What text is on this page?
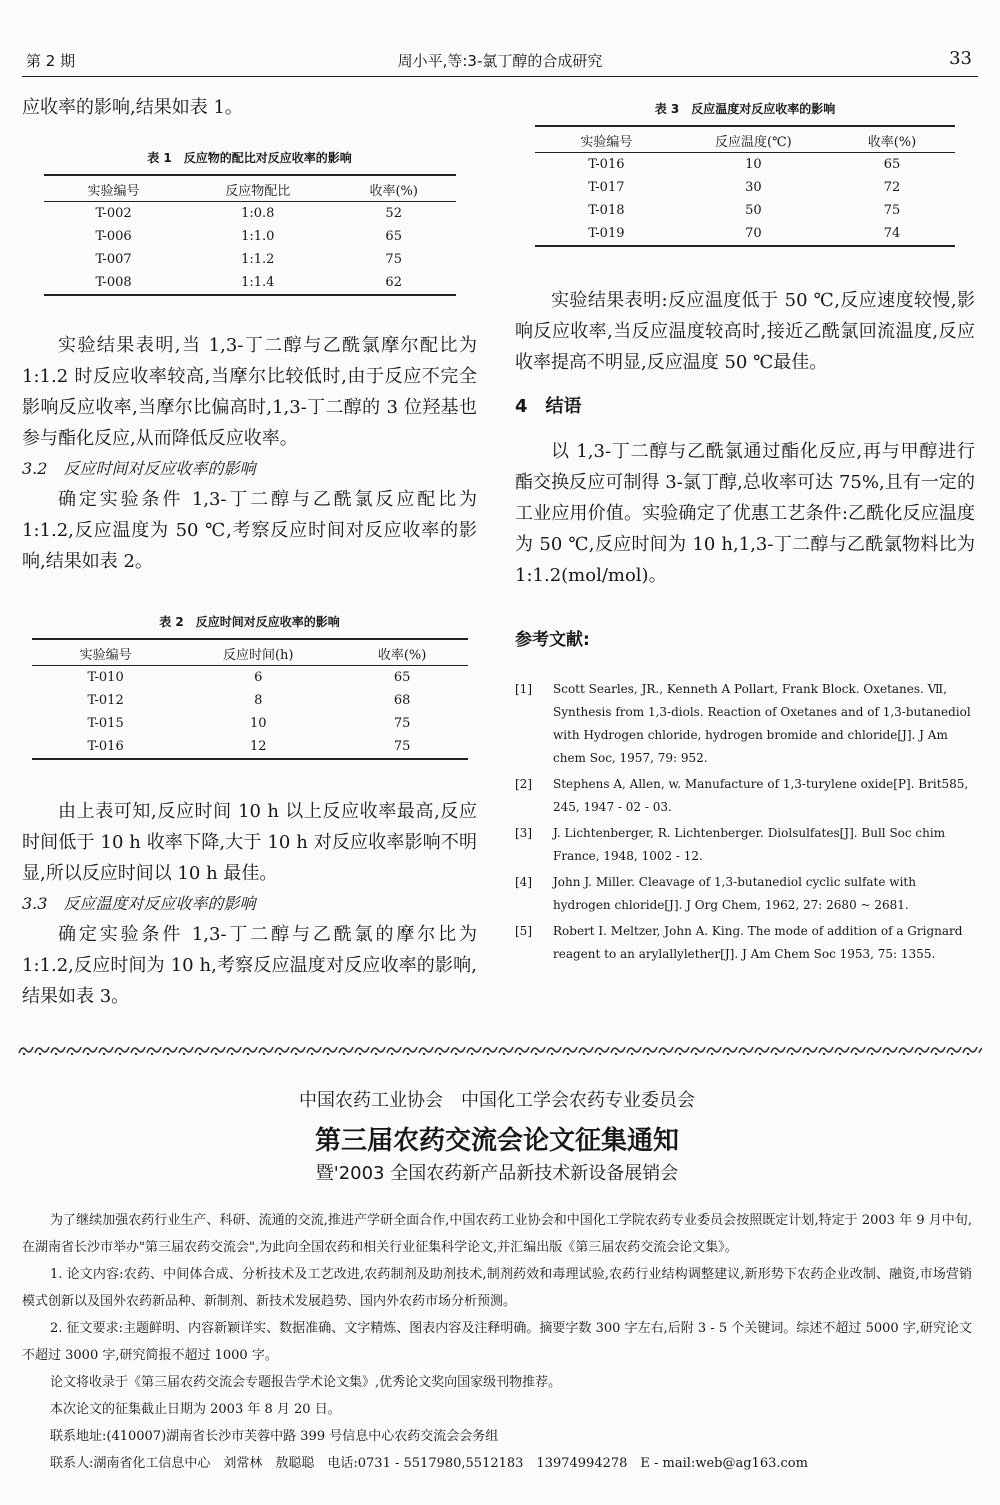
第 2 期	周小平,等:3-氯丁醇的合成研究	33

应收率的影响,结果如表 1。

表 1　反应物的配比对反应收率的影响

实验编号	反应物配比	收率(%)
T-002	1:0.8	52
T-006	1:1.0	65
T-007	1:1.2	75
T-008	1:1.4	62

实验结果表明,当 1,3-丁二醇与乙酰氯摩尔配比为 1:1.2 时反应收率较高,当摩尔比较低时,由于反应不完全影响反应收率,当摩尔比偏高时,1,3-丁二醇的 3 位羟基也参与酯化反应,从而降低反应收率。

3.2　反应时间对反应收率的影响

确定实验条件 1,3-丁二醇与乙酰氯反应配比为 1:1.2,反应温度为 50 ℃,考察反应时间对反应收率的影响,结果如表 2。

表 2　反应时间对反应收率的影响

实验编号	反应时间(h)	收率(%)
T-010	6	65
T-012	8	68
T-015	10	75
T-016	12	75

由上表可知,反应时间 10 h 以上反应收率最高,反应时间低于 10 h 收率下降,大于 10 h 对反应收率影响不明显,所以反应时间以 10 h 最佳。

3.3　反应温度对反应收率的影响

确定实验条件 1,3-丁二醇与乙酰氯的摩尔比为 1:1.2,反应时间为 10 h,考察反应温度对反应收率的影响,结果如表 3。

表 3　反应温度对反应收率的影响

实验编号	反应温度(℃)	收率(%)
T-016	10	65
T-017	30	72
T-018	50	75
T-019	70	74

实验结果表明:反应温度低于 50 ℃,反应速度较慢,影响反应收率,当反应温度较高时,接近乙酰氯回流温度,反应收率提高不明显,反应温度 50 ℃最佳。

4　结语

以 1,3-丁二醇与乙酰氯通过酯化反应,再与甲醇进行酯交换反应可制得 3-氯丁醇,总收率可达 75%,且有一定的工业应用价值。实验确定了优惠工艺条件:乙酰化反应温度为 50 ℃,反应时间为 10 h,1,3-丁二醇与乙酰氯物料比为 1:1.2(mol/mol)。

参考文献:

[1] Scott Searles, JR., Kenneth A Pollart, Frank Block. Oxetanes. Ⅶ, Synthesis from 1,3-diols. Reaction of Oxetanes and of 1,3-butanediol with Hydrogen chloride, hydrogen bromide and chloride[J]. J Am chem Soc, 1957, 79: 952.
[2] Stephens A, Allen, w. Manufacture of 1,3-turylene oxide[P]. Brit585, 245, 1947 - 02 - 03.
[3] J. Lichtenberger, R. Lichtenberger. Diolsulfates[J]. Bull Soc chim France, 1948, 1002 - 12.
[4] John J. Miller. Cleavage of 1,3-butanediol cyclic sulfate with hydrogen chloride[J]. J Org Chem, 1962, 27: 2680 ~ 2681.
[5] Robert I. Meltzer, John A. King. The mode of addition of a Grignard reagent to an arylallylether[J]. J Am Chem Soc 1953, 75: 1355.

中国农药工业协会　中国化工学会农药专业委员会

第三届农药交流会论文征集通知

暨'2003 全国农药新产品新技术新设备展销会

为了继续加强农药行业生产、科研、流通的交流,推进产学研全面合作,中国农药工业协会和中国化工学院农药专业委员会按照既定计划,特定于 2003 年 9 月中旬,在湖南省长沙市举办"第三届农药交流会",为此向全国农药和相关行业征集科学论文,并汇编出版《第三届农药交流会论文集》。

1. 论文内容:农药、中间体合成、分析技术及工艺改进,农药制剂及助剂技术,制剂药效和毒理试验,农药行业结构调整建议,新形势下农药企业改制、融资,市场营销模式创新以及国外农药新品种、新制剂、新技术发展趋势、国内外农药市场分析预测。

2. 征文要求:主题鲜明、内容新颖详实、数据准确、文字精炼、图表内容及注释明确。摘要字数 300 字左右,后附 3 - 5 个关键词。综述不超过 5000 字,研究论文不超过 3000 字,研究简报不超过 1000 字。

论文将收录于《第三届农药交流会专题报告学术论文集》,优秀论文奖向国家级刊物推荐。

本次论文的征集截止日期为 2003 年 8 月 20 日。

联系地址:(410007)湖南省长沙市芙蓉中路 399 号信息中心农药交流会会务组

联系人:湖南省化工信息中心　刘常林　敖聪聪　电话:0731 - 5517980,5512183　13974994278　E - mail:web@ag163.com
